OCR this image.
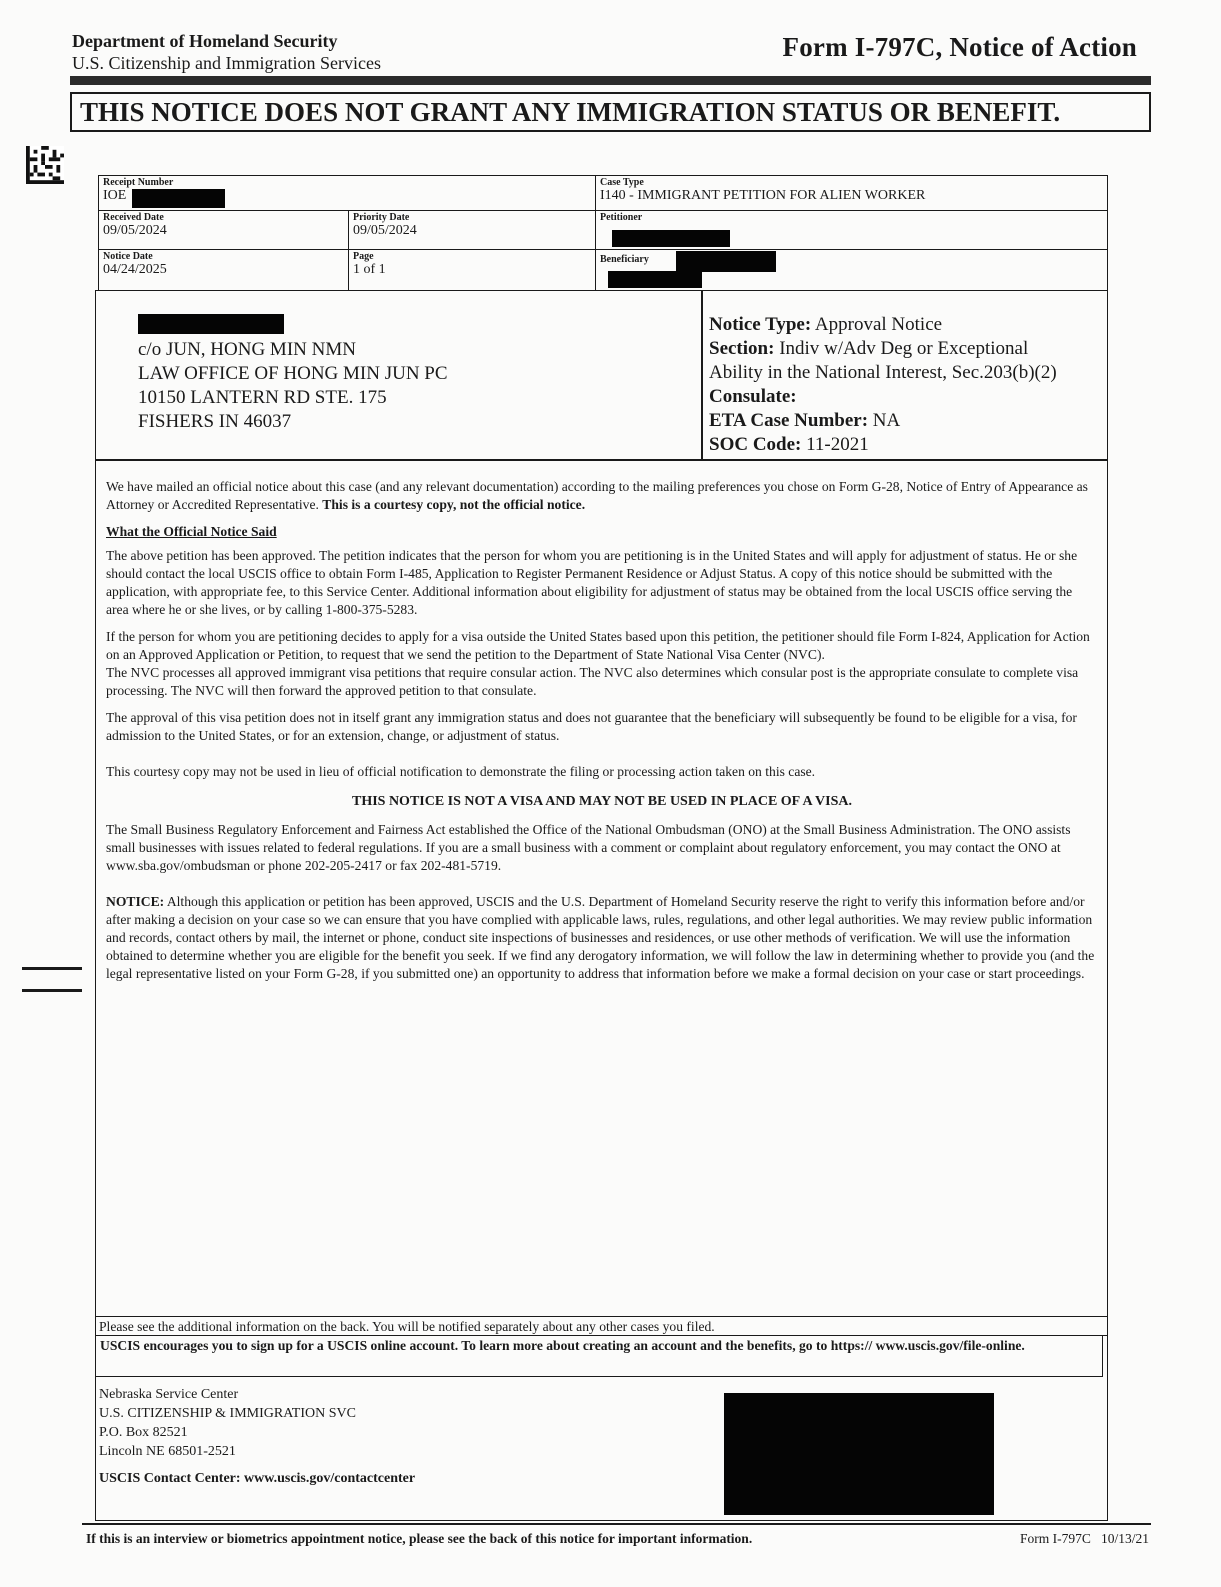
Department of Homeland Security
U.S. Citizenship and Immigration Services
Form I-797C, Notice of Action
THIS NOTICE DOES NOT GRANT ANY IMMIGRATION STATUS OR BENEFIT.
Receipt Number
IOE
Case Type
I140 - IMMIGRANT PETITION FOR ALIEN WORKER
Received Date
09/05/2024
Priority Date
09/05/2024
Petitioner
Notice Date
04/24/2025
Page
1 of 1
Beneficiary
c/o JUN, HONG MIN NMN
LAW OFFICE OF HONG MIN JUN PC
10150 LANTERN RD STE. 175
FISHERS IN 46037
Notice Type: Approval Notice
Section: Indiv w/Adv Deg or Exceptional
Ability in the National Interest, Sec.203(b)(2)
Consulate:
ETA Case Number: NA
SOC Code: 11-2021

We have mailed an official notice about this case (and any relevant documentation) according to the mailing preferences you chose on Form G-28, Notice of Entry of Appearance as Attorney or Accredited Representative. This is a courtesy copy, not the official notice.

What the Official Notice Said

The above petition has been approved. The petition indicates that the person for whom you are petitioning is in the United States and will apply for adjustment of status. He or she should contact the local USCIS office to obtain Form I-485, Application to Register Permanent Residence or Adjust Status. A copy of this notice should be submitted with the application, with appropriate fee, to this Service Center. Additional information about eligibility for adjustment of status may be obtained from the local USCIS office serving the area where he or she lives, or by calling 1-800-375-5283.

If the person for whom you are petitioning decides to apply for a visa outside the United States based upon this petition, the petitioner should file Form I-824, Application for Action on an Approved Application or Petition, to request that we send the petition to the Department of State National Visa Center (NVC).

The NVC processes all approved immigrant visa petitions that require consular action. The NVC also determines which consular post is the appropriate consulate to complete visa processing. The NVC will then forward the approved petition to that consulate.

The approval of this visa petition does not in itself grant any immigration status and does not guarantee that the beneficiary will subsequently be found to be eligible for a visa, for admission to the United States, or for an extension, change, or adjustment of status.

This courtesy copy may not be used in lieu of official notification to demonstrate the filing or processing action taken on this case.

THIS NOTICE IS NOT A VISA AND MAY NOT BE USED IN PLACE OF A VISA.

The Small Business Regulatory Enforcement and Fairness Act established the Office of the National Ombudsman (ONO) at the Small Business Administration. The ONO assists small businesses with issues related to federal regulations. If you are a small business with a comment or complaint about regulatory enforcement, you may contact the ONO at www.sba.gov/ombudsman or phone 202-205-2417 or fax 202-481-5719.

NOTICE: Although this application or petition has been approved, USCIS and the U.S. Department of Homeland Security reserve the right to verify this information before and/or after making a decision on your case so we can ensure that you have complied with applicable laws, rules, regulations, and other legal authorities. We may review public information and records, contact others by mail, the internet or phone, conduct site inspections of businesses and residences, or use other methods of verification. We will use the information obtained to determine whether you are eligible for the benefit you seek. If we find any derogatory information, we will follow the law in determining whether to provide you (and the legal representative listed on your Form G-28, if you submitted one) an opportunity to address that information before we make a formal decision on your case or start proceedings.

Please see the additional information on the back. You will be notified separately about any other cases you filed.
USCIS encourages you to sign up for a USCIS online account. To learn more about creating an account and the benefits, go to https:// www.uscis.gov/file-online.
Nebraska Service Center
U.S. CITIZENSHIP & IMMIGRATION SVC
P.O. Box 82521
Lincoln NE 68501-2521
USCIS Contact Center: www.uscis.gov/contactcenter
If this is an interview or biometrics appointment notice, please see the back of this notice for important information.	Form I-797C 10/13/21
